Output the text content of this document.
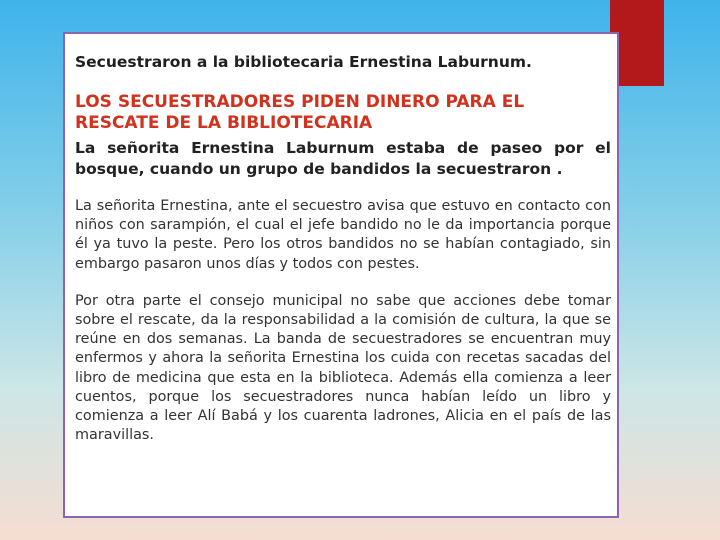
Secuestraron a la bibliotecaria Ernestina Laburnum.
LOS SECUESTRADORES PIDEN DINERO PARA EL RESCATE DE LA BIBLIOTECARIA
La señorita Ernestina Laburnum estaba de paseo por el bosque, cuando un grupo de bandidos la secuestraron .
La señorita Ernestina, ante el secuestro avisa que estuvo en contacto con niños con sarampión, el cual el jefe bandido no le da importancia porque él ya tuvo la peste. Pero los otros bandidos no se habían contagiado, sin embargo pasaron unos días y todos con pestes.
Por otra parte el consejo municipal no sabe que acciones debe tomar sobre el rescate, da la responsabilidad a la comisión de cultura, la que se reúne en dos semanas. La banda de secuestradores se encuentran muy enfermos y ahora la señorita Ernestina los cuida con recetas sacadas del libro de medicina que esta en la biblioteca. Además ella comienza a leer cuentos, porque los secuestradores nunca habían leído un libro y comienza a leer Alí Babá y los cuarenta ladrones, Alicia en el país de las maravillas.
